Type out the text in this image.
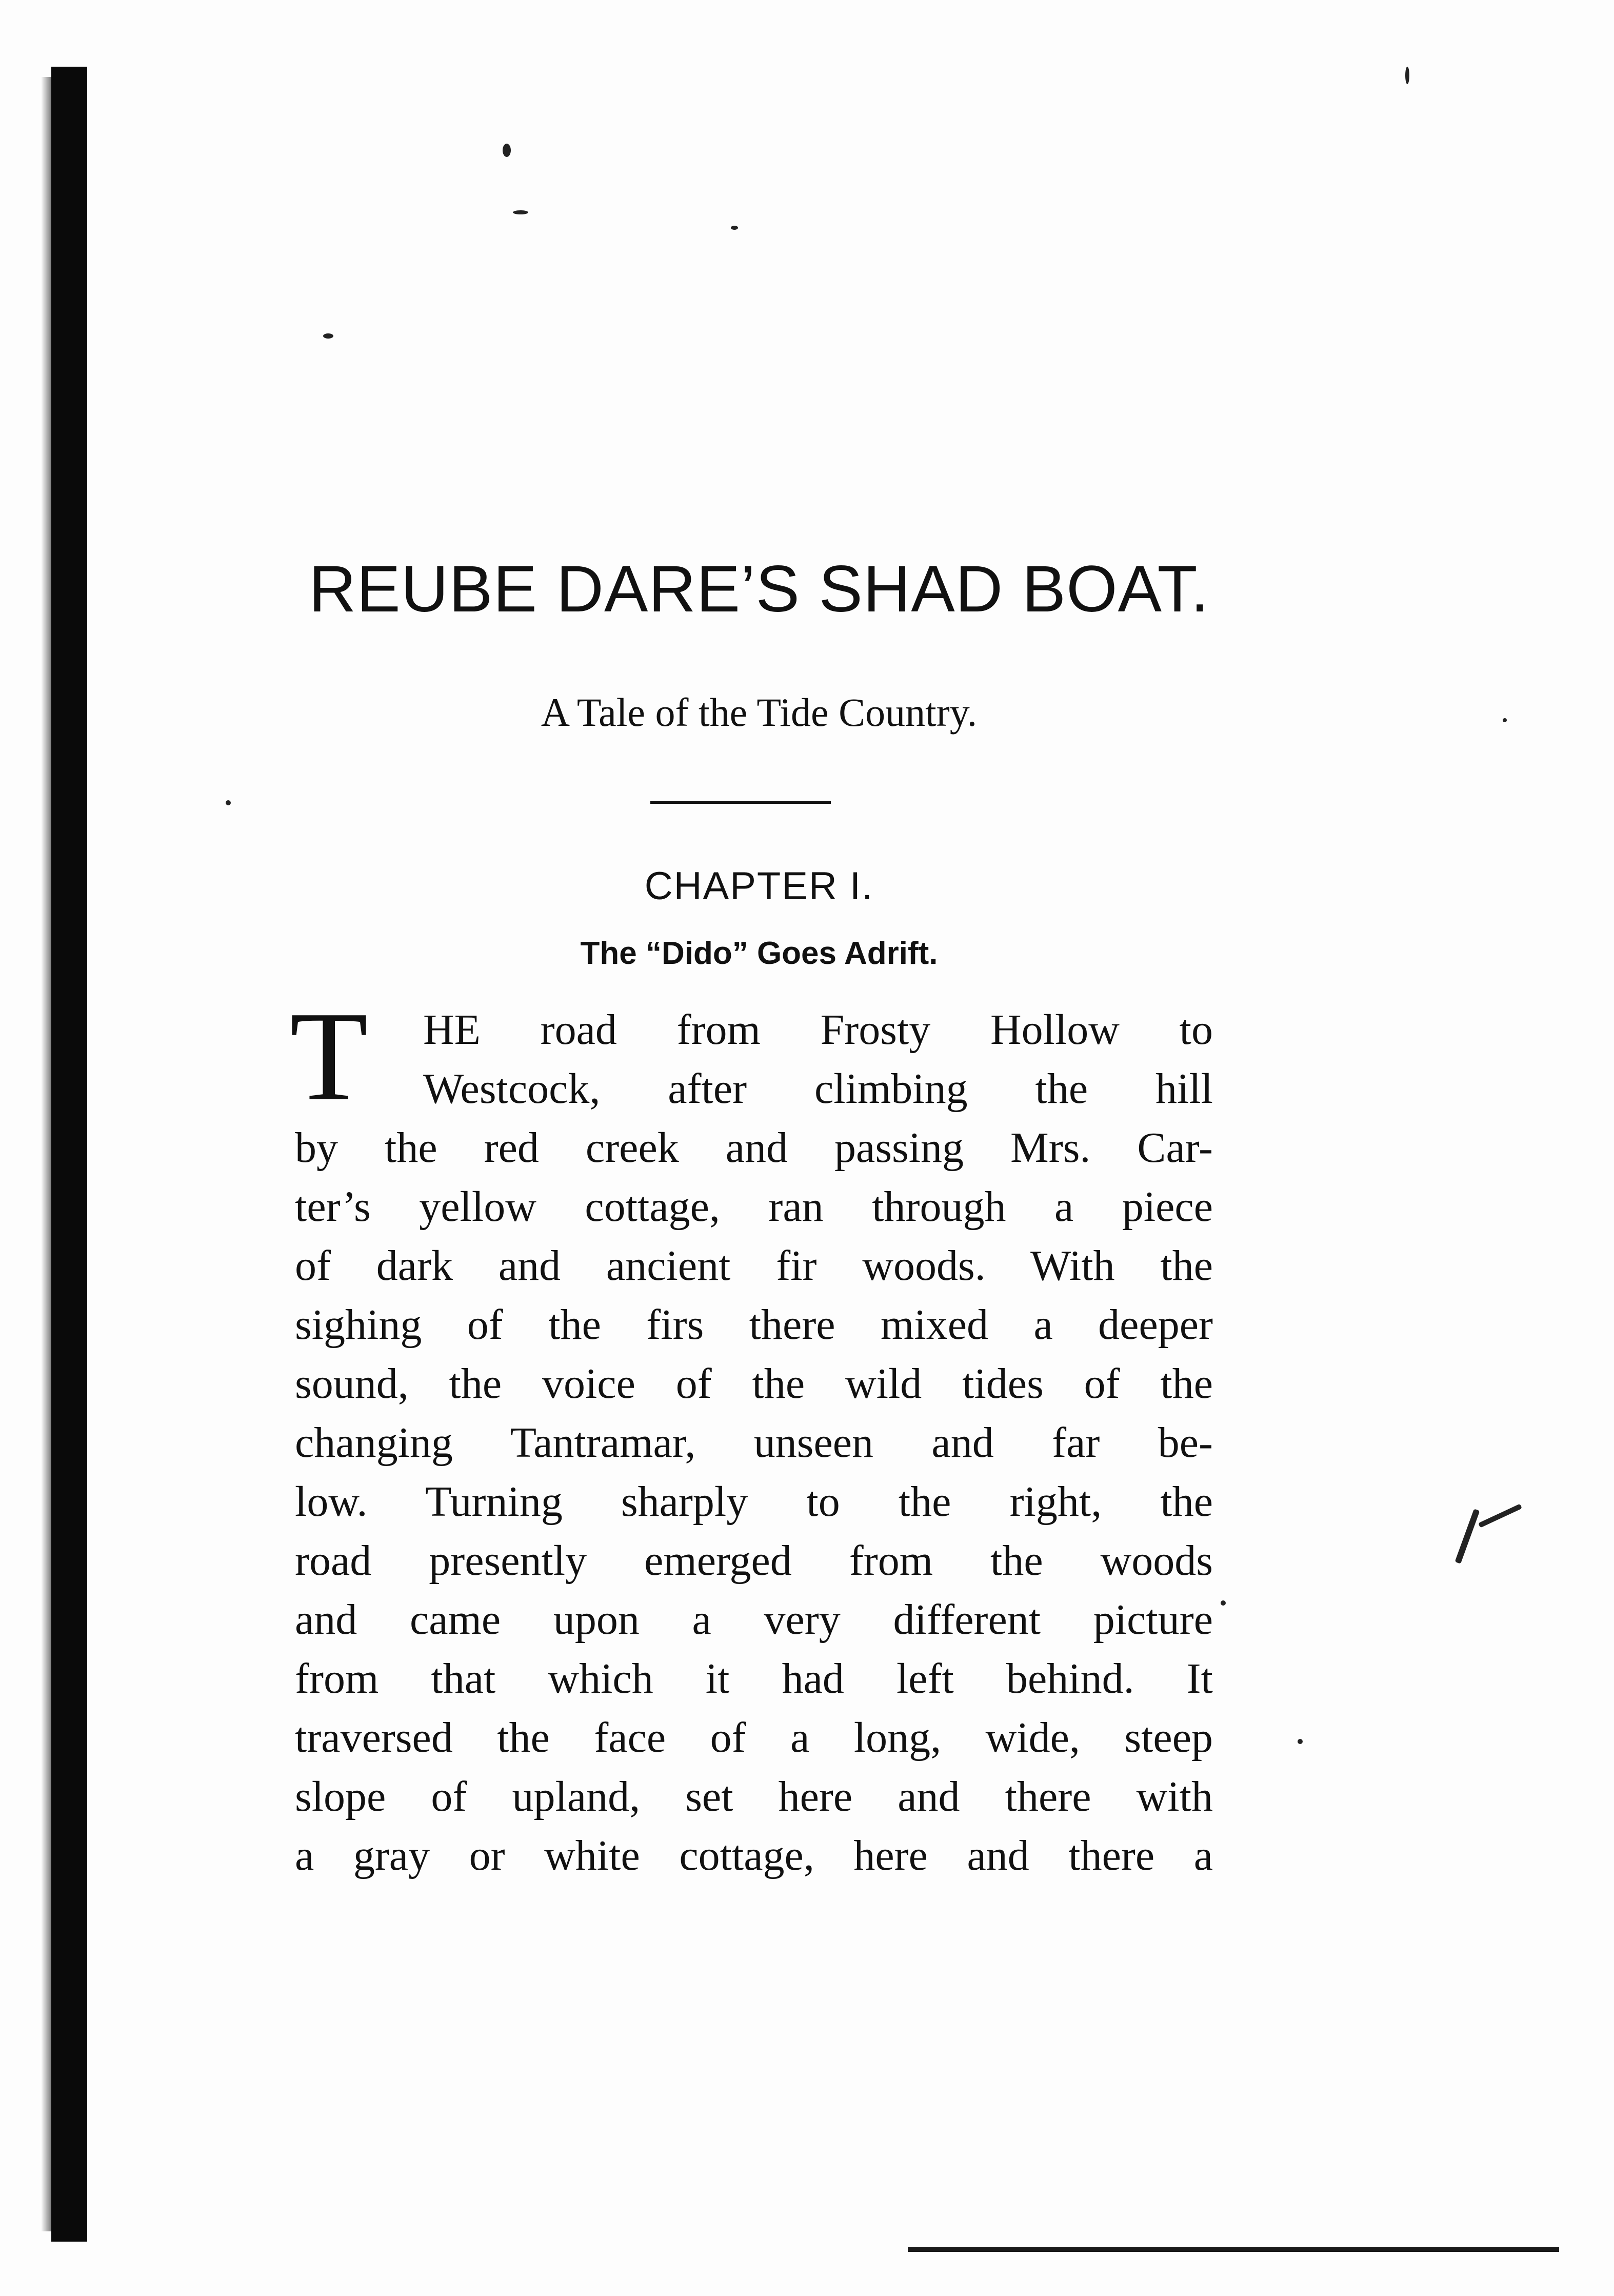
REUBE DARE’S SHAD BOAT.
A Tale of the Tide Country.
CHAPTER I.
The “Dido” Goes Adrift.
T HE road from Frosty Hollow to
Westcock, after climbing the hill
by the red creek and passing Mrs. Car-
ter’s yellow cottage, ran through a piece
of dark and ancient fir woods. With the
sighing of the firs there mixed a deeper
sound, the voice of the wild tides of the
changing Tantramar, unseen and far be-
low. Turning sharply to the right, the
road presently emerged from the woods
and came upon a very different picture
from that which it had left behind. It
traversed the face of a long, wide, steep
slope of upland, set here and there with
a gray or white cottage, here and there a
